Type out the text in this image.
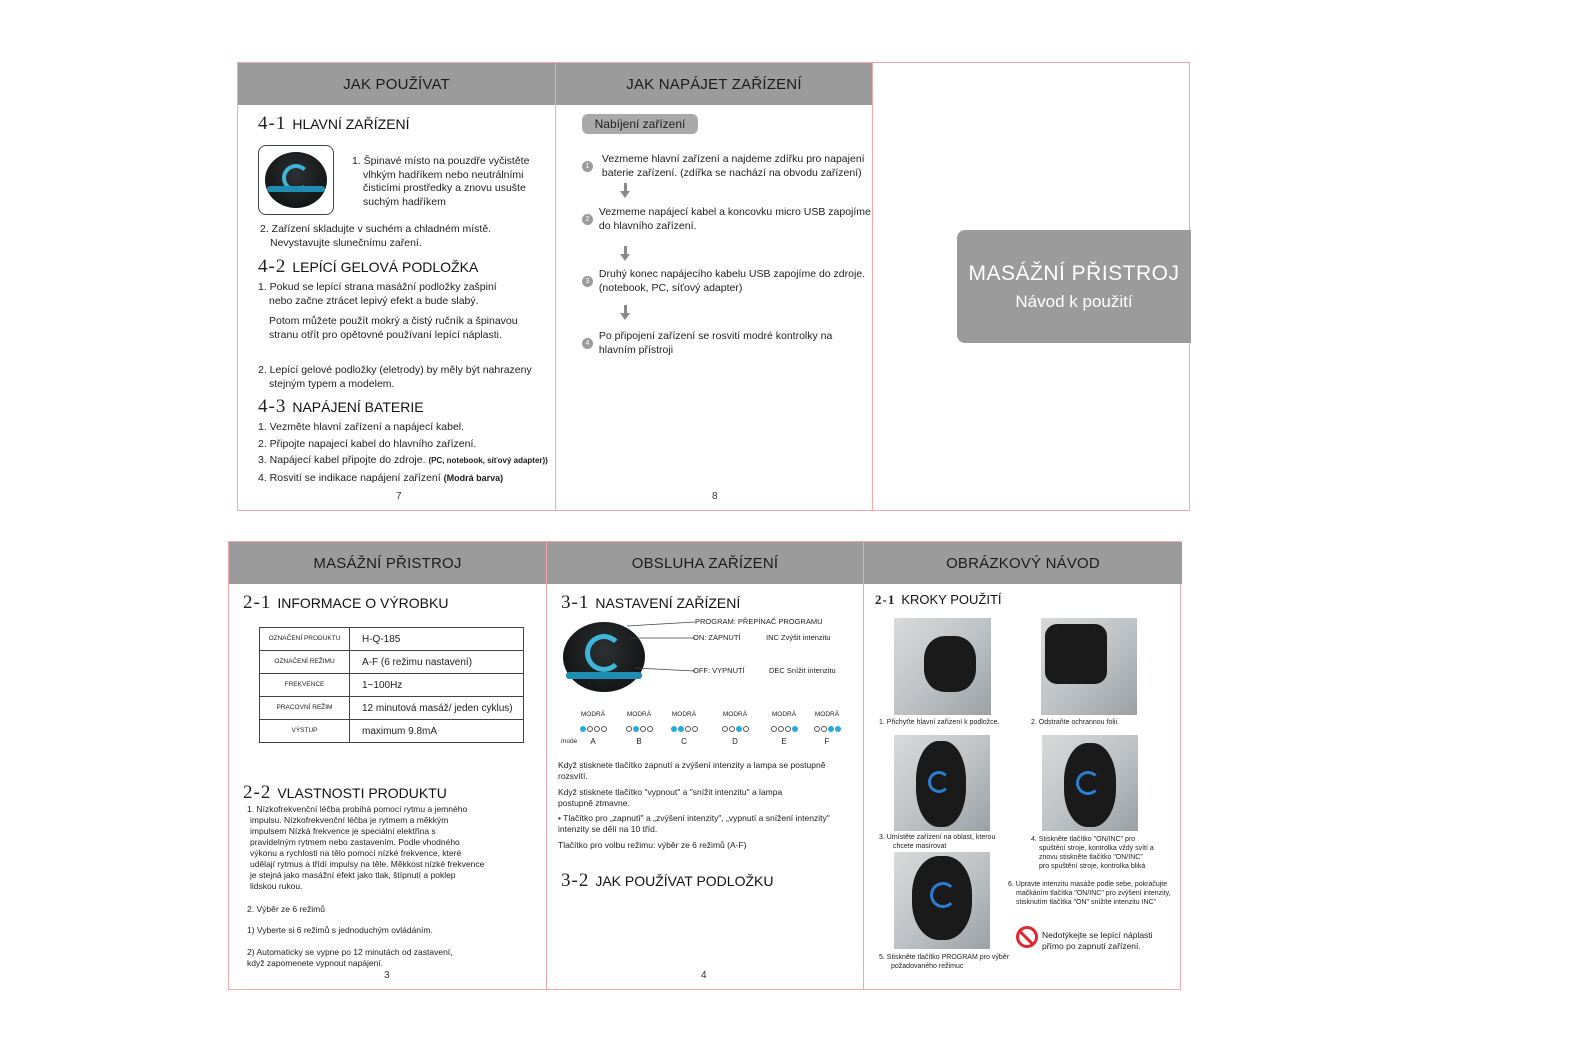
JAK POUŽÍVAT
4-1 HLAVNÍ ZAŘÍZENÍ
1. Špinavé místo na pouzdře vyčistěte
vlhkým hadříkem nebo neutrálními
čisticími prostředky a znovu usušte
suchým hadříkem
2. Zařízení skladujte v suchém a chladném místě.
Nevystavujte slunečnímu zaření.
4-2 LEPÍCÍ GELOVÁ PODLOŽKA
1. Pokud se lepící strana masážní podložky zašpiní
nebo začne ztrácet lepivý efekt a bude slabý.
Potom můžete použít mokrý a čistý ručník a špinavou
stranu otřít pro opětovné používaní lepící náplasti.
2. Lepící gelové podložky (eletrody) by měly být nahrazeny
stejným typem a modelem.
4-3 NAPÁJENÍ BATERIE
1. Vezměte hlavní zařízení a napájecí kabel.
2. Připojte napajecí kabel do hlavního zařízení.
3. Napájecí kabel připojte do zdroje. (PC, notebook, síťový adapter))
4. Rosvití se indikace napájení zařízení (Modrá barva)
7
JAK NAPÁJET ZAŘÍZENÍ
Nabíjení zařízení
1
Vezmeme hlavní zařízení a najdeme zdířku pro napajení
baterie zařízení. (zdířka se nachází na obvodu zařízení)
2
Vezmeme napájecí kabel a koncovku micro USB zapojíme
do hlavního zařízení.
3
Druhý konec napájecího kabelu USB zapojíme do zdroje.
(notebook, PC, síťový adapter)
4
Po připojení zařízení se rosvití modré kontrolky na
hlavním přístroji
8
MASÁŽNÍ PŘISTROJ
Návod k použití
MASÁŽNÍ PŘISTROJ
2-1 INFORMACE O VÝROBKU
OZNAČENÍ PRODUKTU	H-Q-185
OZNAČENÍ REŽIMU	A-F (6 režimu nastavení)
FREKVENCE	1~100Hz
PRACOVNÍ REŽIM	12 minutová masáž/ jeden cyklus)
VÝSTUP	maximum 9.8mA
2-2 VLASTNOSTI PRODUKTU
1. Nízkofrekvenční léčba probíhá pomocí rytmu a jemného
impulsu. Nízkofrekvenční léčba je rytmem a měkkým
impulsem Nízká frekvence je speciální elektřina s
pravidelným rytmem nebo zastavením. Podle vhodného
výkonu a rychlosti na tělo pomocí nízké frekvence, které
udělají rytmus a třídí impulsy na těle. Měkkost nízké frekvence
je stejná jako masážní efekt jako tlak, štípnutí a poklep
lidskou rukou.
2. Výběr ze 6 režimů
1) Vyberte si 6 režimů s jednoduchým ovládáním.
2) Automaticky se vypne po 12 minutách od zastavení,
když zapomenete vypnout napájení.
3
OBSLUHA ZAŘÍZENÍ
3-1 NASTAVENÍ ZAŘÍZENÍ
PROGRAM: PŘEPÍNAČ PROGRAMU
ON: ZAPNUTÍ	INC Zvýšit intenzitu
OFF: VYPNUTÍ	DEC Snížit intenzitu
mode
MODRÁ
A
MODRÁ
B
MODRÁ
C
MODRÁ
D
MODRÁ
E
MODRÁ
F
Když stisknete tlačítko zapnutí a zvýšení intenzity a lampa se postupně
rozsvítí.
Když stisknete tlačítko "vypnout" a "snížit intenzitu" a lampa
postupně ztmavne.
• Tlačítko pro „zapnutí" a „zvýšení intenzity", „vypnutí a snížení intenzity"
intenzity se dělí na 10 tříd.
Tlačítko pro volbu režimu: výběr ze 6 režimů (A-F)
3-2 JAK POUŽÍVAT PODLOŽKU
4
OBRÁZKOVÝ NÁVOD
2-1 KROKY POUŽITÍ
1. Přichyťte hlavní zařízení k podložce.	2. Odstraňte ochrannou folii.
3. Umístěte zařízení na oblast, kterou
chcete masírovat
4. Stiskněte tlačítko "ON/INC" pro
spuštění stroje, kontrolka vždy svítí a
znovu stiskněte tlačítko "ON/INC"
pro spuštění stroje, kontrolka bliká
5. Stiskněte tlačítko PROGRAM pro výběr
požadovaného režimuc
6. Upravte intenzitu masáže podle sebe, pokračujte
mačkáním tlačítka "ON/INC" pro zvýšení intenzity,
stisknutím tlačítka "ON" snížíte intenzitu INC"
Nedotýkejte se lepící náplasti
přímo po zapnutí zařízení.
